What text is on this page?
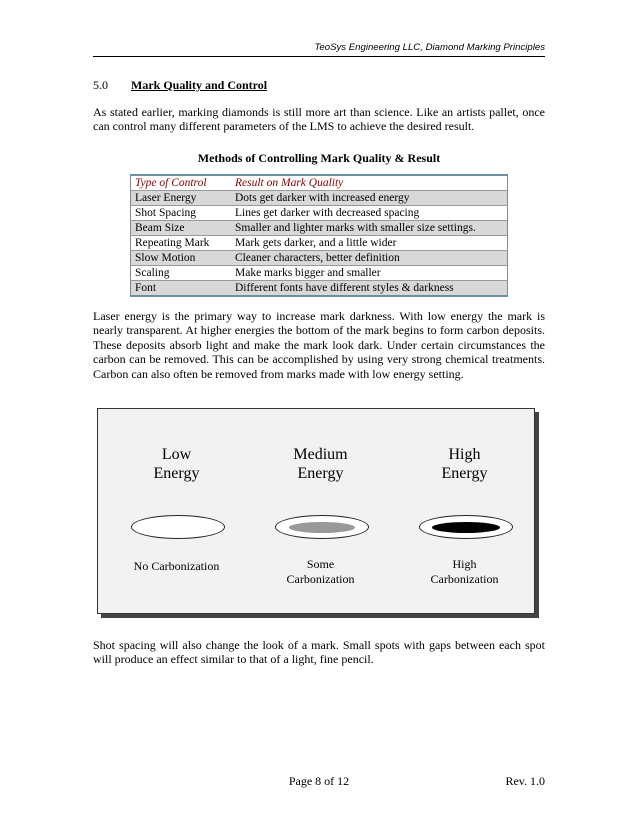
TeoSys Engineering LLC, Diamond Marking Principles
5.0 Mark Quality and Control
As stated earlier, marking diamonds is still more art than science. Like an artists pallet, once can control many different parameters of the LMS to achieve the desired result.
Methods of Controlling Mark Quality & Result
Type of Control	Result on Mark Quality
Laser Energy	Dots get darker with increased energy
Shot Spacing	Lines get darker with decreased spacing
Beam Size	Smaller and lighter marks with smaller size settings.
Repeating Mark	Mark gets darker, and a little wider
Slow Motion	Cleaner characters, better definition
Scaling	Make marks bigger and smaller
Font	Different fonts have different styles & darkness
Laser energy is the primary way to increase mark darkness. With low energy the mark is nearly transparent. At higher energies the bottom of the mark begins to form carbon deposits. These deposits absorb light and make the mark look dark. Under certain circumstances the carbon can be removed. This can be accomplished by using very strong chemical treatments. Carbon can also often be removed from marks made with low energy setting.
Low
Energy
No Carbonization
Medium
Energy
Some
Carbonization
High
Energy
High
Carbonization
Shot spacing will also change the look of a mark. Small spots with gaps between each spot will produce an effect similar to that of a light, fine pencil.
Page 8 of 12	Rev. 1.0
